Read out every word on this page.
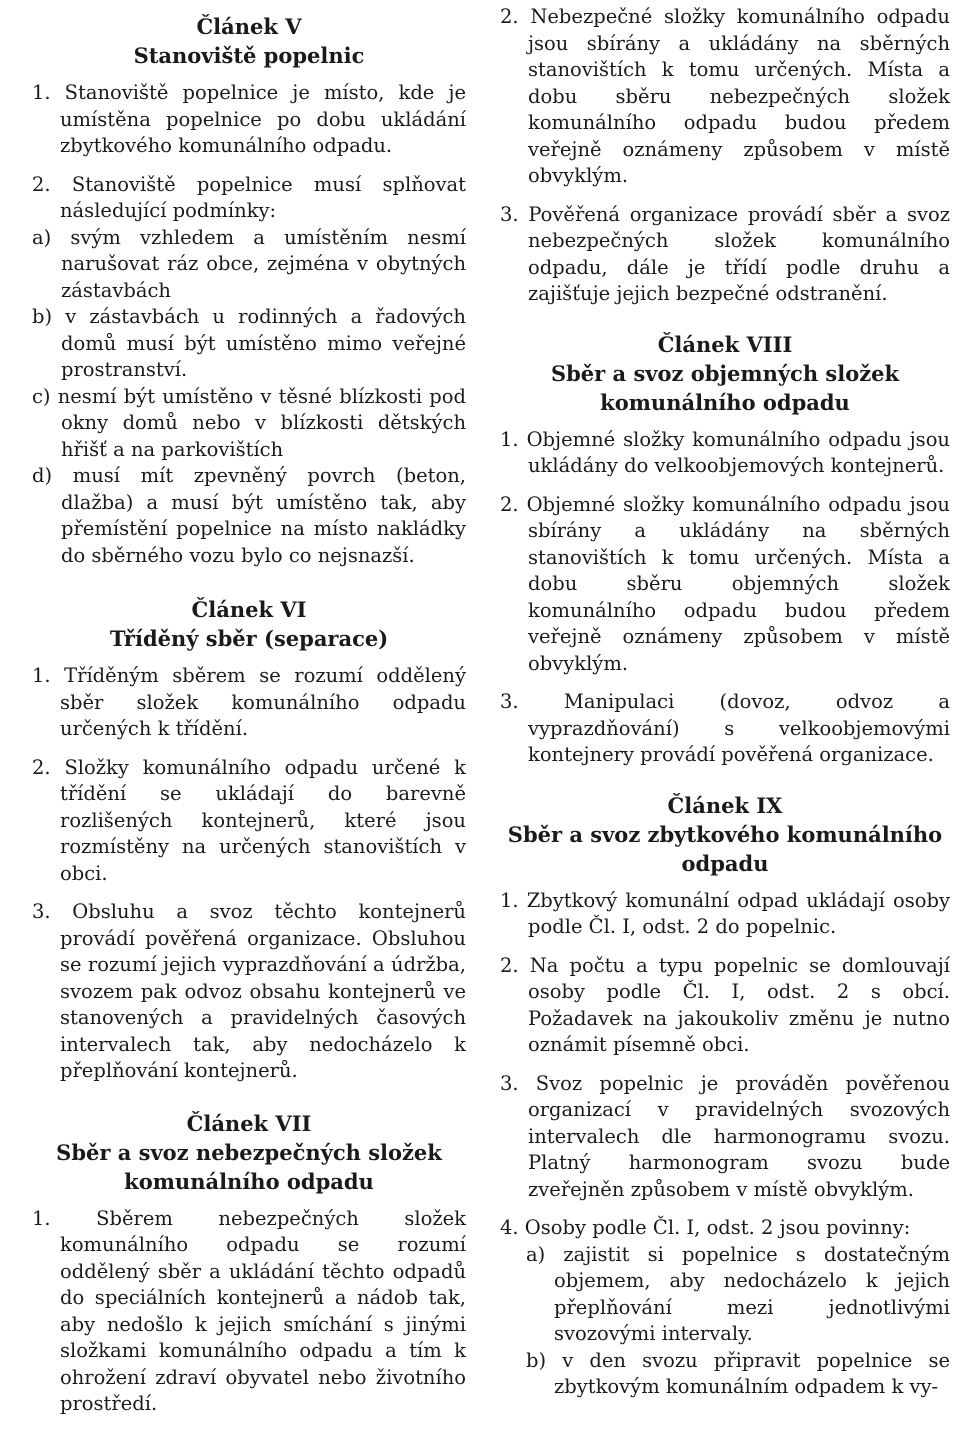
Článek V
Stanoviště popelnic

1. Stanoviště popelnice je místo, kde je umístěna popelnice po dobu ukládání zbytkového komunálního odpadu.

2. Stanoviště popelnice musí splňovat následující podmínky:

a) svým vzhledem a umístěním nesmí narušovat ráz obce, zejména v obytných zástavbách

b) v zástavbách u rodinných a řadových domů musí být umístěno mimo veřejné prostranství.

c) nesmí být umístěno v těsné blízkosti pod okny domů nebo v blízkosti dětských hřišť a na parkovištích

d) musí mít zpevněný povrch (beton, dlažba) a musí být umístěno tak, aby přemístění popelnice na místo nakládky do sběrného vozu bylo co nejsnazší.

Článek VI
Tříděný sběr (separace)

1. Tříděným sběrem se rozumí oddělený sběr složek komunálního odpadu určených k třídění.

2. Složky komunálního odpadu určené k třídění se ukládají do barevně rozlišených kontejnerů, které jsou rozmístěny na určených stanovištích v obci.

3. Obsluhu a svoz těchto kontejnerů provádí pověřená organizace. Obsluhou se rozumí jejich vyprazdňování a údržba, svozem pak odvoz obsahu kontejnerů ve stanovených a pravidelných časových intervalech tak, aby nedocházelo k přeplňování kontejnerů.

Článek VII
Sběr a svoz nebezpečných složek komunálního odpadu

1. Sběrem nebezpečných složek komunálního odpadu se rozumí oddělený sběr a ukládání těchto odpadů do speciálních kontejnerů a nádob tak, aby nedošlo k jejich smíchání s jinými složkami komunálního odpadu a tím k ohrožení zdraví obyvatel nebo životního prostředí.

2. Nebezpečné složky komunálního odpadu jsou sbírány a ukládány na sběrných stanovištích k tomu určených. Místa a dobu sběru nebezpečných složek komunálního odpadu budou předem veřejně oznámeny způsobem v místě obvyklým.

3. Pověřená organizace provádí sběr a svoz nebezpečných složek komunálního odpadu, dále je třídí podle druhu a zajišťuje jejich bezpečné odstranění.

Článek VIII
Sběr a svoz objemných složek komunálního odpadu

1. Objemné složky komunálního odpadu jsou ukládány do velkoobjemových kontejnerů.

2. Objemné složky komunálního odpadu jsou sbírány a ukládány na sběrných stanovištích k tomu určených. Místa a dobu sběru objemných složek komunálního odpadu budou předem veřejně oznámeny způsobem v místě obvyklým.

3. Manipulaci (dovoz, odvoz a vyprazdňování) s velkoobjemovými kontejnery provádí pověřená organizace.

Článek IX
Sběr a svoz zbytkového komunálního odpadu

1. Zbytkový komunální odpad ukládají osoby podle Čl. I, odst. 2 do popelnic.

2. Na počtu a typu popelnic se domlouvají osoby podle Čl. I, odst. 2 s obcí. Požadavek na jakoukoliv změnu je nutno oznámit písemně obci.

3. Svoz popelnic je prováděn pověřenou organizací v pravidelných svozových intervalech dle harmonogramu svozu. Platný harmonogram svozu bude zveřejněn způsobem v místě obvyklým.

4. Osoby podle Čl. I, odst. 2 jsou povinny:

a) zajistit si popelnice s dostatečným objemem, aby nedocházelo k jejich přeplňování mezi jednotlivými svozovými intervaly.

b) v den svozu připravit popelnice se zbytkovým komunálním odpadem k vy-
